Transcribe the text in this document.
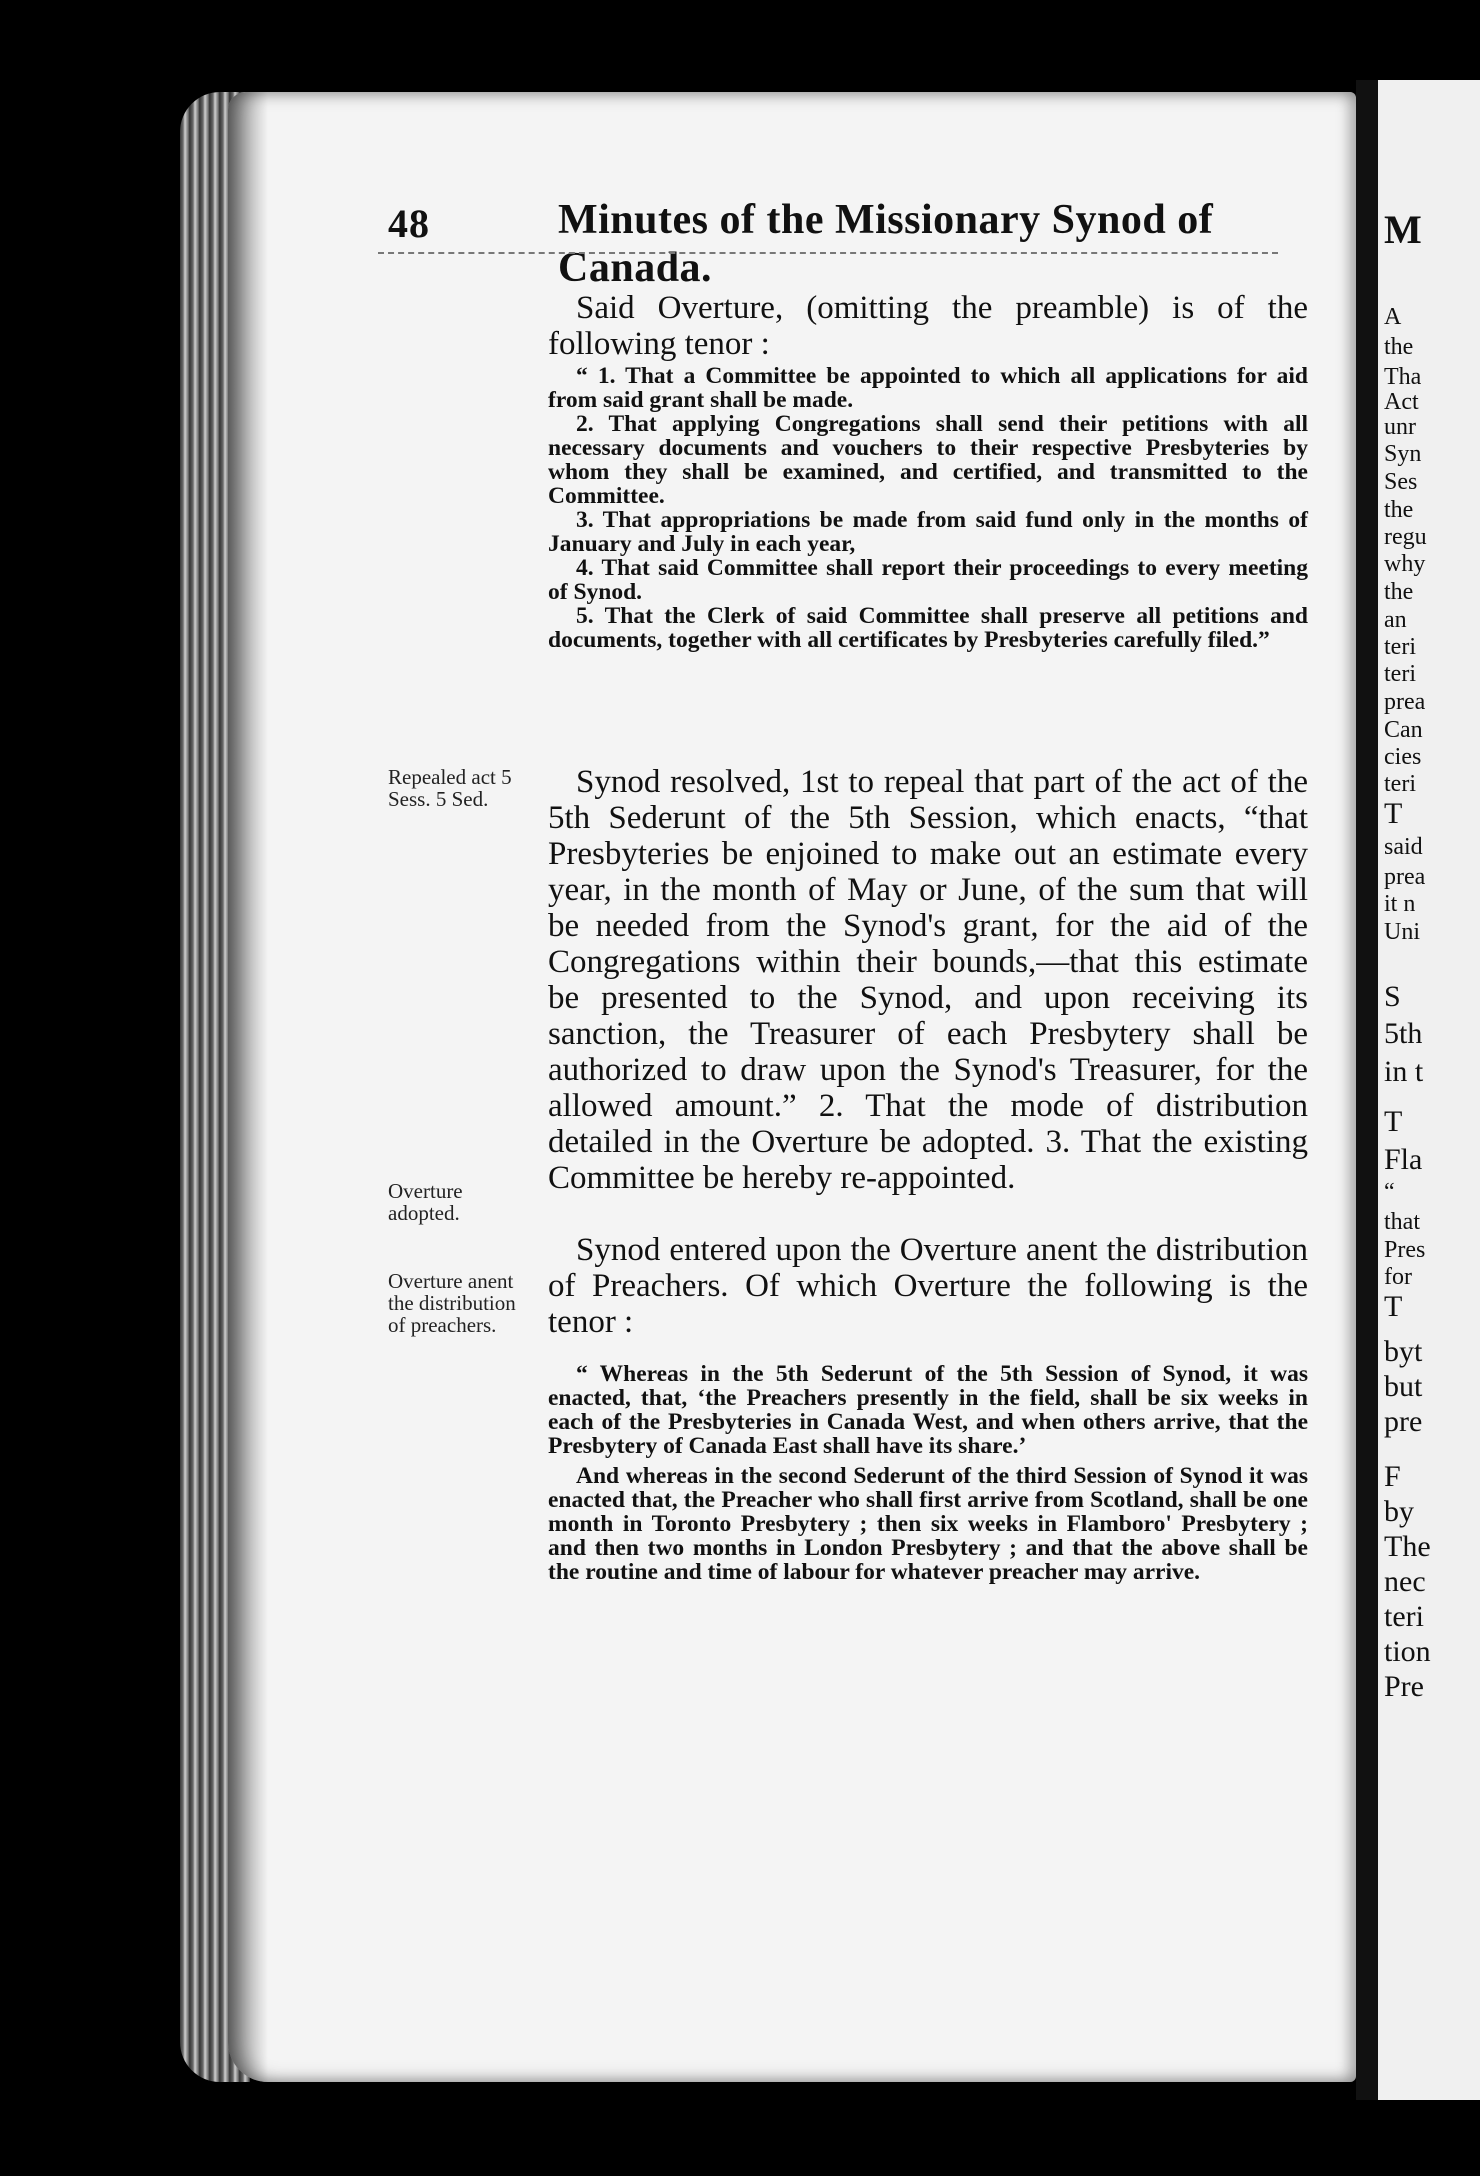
48	Minutes of the Missionary Synod of Canada.

Said Overture, (omitting the preamble) is of the following tenor :

“ 1. That a Committee be appointed to which all applications for aid from said grant shall be made.

2. That applying Congregations shall send their petitions with all necessary documents and vouchers to their respective Presbyteries by whom they shall be examined, and certified, and transmitted to the Committee.

3. That appropriations be made from said fund only in the months of January and July in each year,

4. That said Committee shall report their proceedings to every meeting of Synod.

5. That the Clerk of said Committee shall preserve all petitions and documents, together with all certificates by Presbyteries carefully filed.”

Synod resolved, 1st to repeal that part of the act of the 5th Sederunt of the 5th Session, which enacts, “that Presbyteries be enjoined to make out an estimate every year, in the month of May or June, of the sum that will be needed from the Synod's grant, for the aid of the Congregations within their bounds,—that this estimate be presented to the Synod, and upon receiving its sanction, the Treasurer of each Presbytery shall be authorized to draw upon the Synod's Treasurer, for the allowed amount.” 2. That the mode of distribution detailed in the Overture be adopted. 3. That the existing Committee be hereby re-appointed.

Synod entered upon the Overture anent the distribution of Preachers. Of which Overture the following is the tenor :

“ Whereas in the 5th Sederunt of the 5th Session of Synod, it was enacted, that, ‘the Preachers presently in the field, shall be six weeks in each of the Presbyteries in Canada West, and when others arrive, that the Presbytery of Canada East shall have its share.’

And whereas in the second Sederunt of the third Session of Synod it was enacted that, the Preacher who shall first arrive from Scotland, shall be one month in Toronto Presbytery ; then six weeks in Flamboro' Presbytery ; and then two months in London Presbytery ; and that the above shall be the routine and time of labour for whatever preacher may arrive.

Repealed act 5 Sess. 5 Sed.
Overture adopted.
Overture anent the distribution of preachers.
M
A
the
Tha
Act
unr
Syn
Ses
the
regu
why
the
an
teri
teri
prea
Can
cies
teri
T
said
prea
it n
Uni
S
5th
in t
T
Fla
“
that
Pres
for
T
byt
but
pre
F
by
The
nec
teri
tion
Pre
